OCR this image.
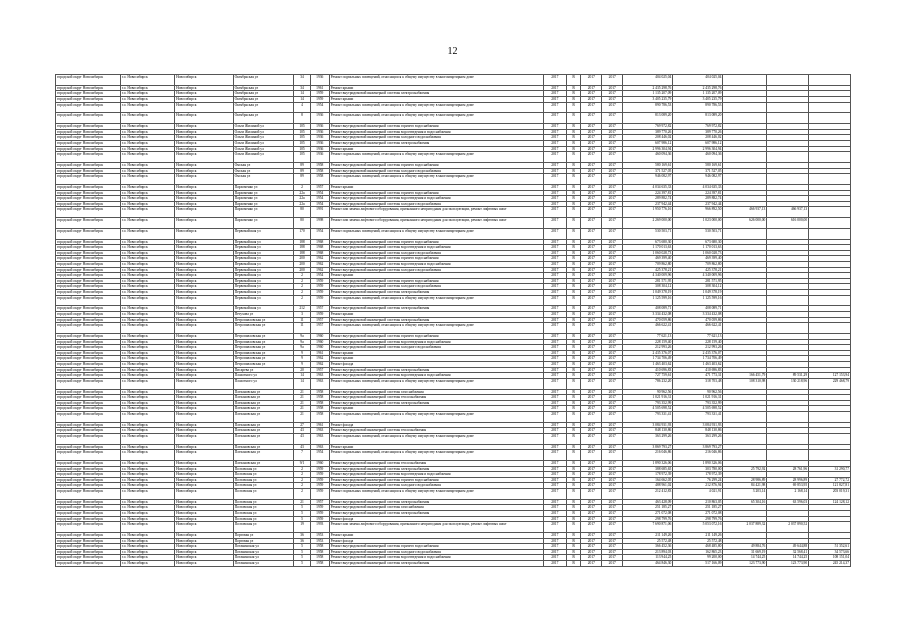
12
городской округ Новосибирск	г.о. Новосибирск	Новосибирск	Октябрьская ул	34	1936	Ремонт подвальных помещений, относящихся к общему имуществу в многоквартирном доме	2017	В	2017	2017	404 025,04	404 025,04			
городской округ Новосибирск	г.о. Новосибирск	Новосибирск	Октябрьская ул	34	1961	Ремонт крыши	2017	В	2017	2017	2 435 298,76	2 435 298,76			
городской округ Новосибирск	г.о. Новосибирск	Новосибирск	Октябрьская ул	14	1959	Ремонт внутридомовой инженерной системы электроснабжения	2017	В	2017	2017	1 135 207,09	1 135 207,09			
городской округ Новосибирск	г.о. Новосибирск	Новосибирск	Октябрьская ул	14	1959	Ремонт крыши	2017	В	2017	2017	3 405 235,79	3 405 235,79			
городской округ Новосибирск	г.о. Новосибирск	Новосибирск	Октябрьская ул	4	1954	Ремонт подвальных помещений, относящихся к общему имуществу в многоквартирном доме	2017	В	2017	2017	890 786,53	890 786,53			
городской округ Новосибирск	г.о. Новосибирск	Новосибирск	Октябрьская ул	8	1936	Ремонт подвальных помещений, относящихся к общему имуществу в многоквартирном доме	2017	В	2017	2017	813 089,20	813 089,20			
городской округ Новосибирск	г.о. Новосибирск	Новосибирск	Ольги Жилиной ул	105	1936	Ремонт внутридомовой инженерной системы горячего водоснабжения	2017	В	2017	2017	769 972,82	769 972,82			
городской округ Новосибирск	г.о. Новосибирск	Новосибирск	Ольги Жилиной ул	105	1936	Ремонт внутридомовой инженерной системы водоотведения и водоснабжения	2017	В	2017	2017	389 770,26	389 770,26			
городской округ Новосибирск	г.о. Новосибирск	Новосибирск	Ольги Жилиной ул	105	1936	Ремонт внутридомовой инженерной системы холодного водоснабжения	2017	В	2017	2017	208 446,02	208 446,02			
городской округ Новосибирск	г.о. Новосибирск	Новосибирск	Ольги Жилиной ул	105	1936	Ремонт внутридомовой инженерной системы электроснабжения	2017	В	2017	2017	607 986,12	607 986,12			
городской округ Новосибирск	г.о. Новосибирск	Новосибирск	Ольги Жилиной ул	105	1936	Ремонт крыши	2017	В	2017	2017	2 996 304,94	2 996 304,94			
городской округ Новосибирск	г.о. Новосибирск	Новосибирск	Ольги Жилиной ул	105	1936	Ремонт подвальных помещений, относящихся к общему имуществу в многоквартирном доме	2017	В	2017	2017	460 094,36	460 094,36			
городской округ Новосибирск	г.о. Новосибирск	Новосибирск	Омская ул	89	1958	Ремонт внутридомовой инженерной системы горячего водоснабжения	2017	В	2017	2017	580 169,61	580 169,61			
городской округ Новосибирск	г.о. Новосибирск	Новосибирск	Омская ул	89	1958	Ремонт внутридомовой инженерной системы холодного водоснабжения	2017	В	2017	2017	371 527,05	371 527,05			
городской округ Новосибирск	г.о. Новосибирск	Новосибирск	Омская ул	89	1958	Ремонт подвальных помещений, относящихся к общему имуществу в многоквартирном доме	2017	В	2017	2017	946 082,97	946 082,97			
городской округ Новосибирск	г.о. Новосибирск	Новосибирск	Пархоменко ул	2	1957	Ремонт крыши	2017	В	2017	2017	4 034 635,33	4 034 635,33			
городской округ Новосибирск	г.о. Новосибирск	Новосибирск	Пархоменко ул	22а	1954	Ремонт внутридомовой инженерной системы горячего водоснабжения	2017	В	2017	2017	224 397,81	224 397,81			
городской округ Новосибирск	г.о. Новосибирск	Новосибирск	Пархоменко ул	22а	1954	Ремонт внутридомовой инженерной системы водоотведения и водоснабжения	2017	В	2017	2017	289 882,74	289 882,74			
городской округ Новосибирск	г.о. Новосибирск	Новосибирск	Пархоменко ул	22а	1954	Ремонт внутридомовой инженерной системы холодного водоснабжения	2017	В	2017	2017	237 942,44	237 942,44			
городской округ Новосибирск	г.о. Новосибирск	Новосибирск	Пархоменко ул	80	1991	Ремонт или замена лифтового оборудования, признанного непригодным для эксплуатации, ремонт лифтовых шахт	2017	В	2017	2017	1 950 776,16	966 892,50	466 937,13	466 937,13	
городской округ Новосибирск	г.о. Новосибирск	Новосибирск	Пархоменко ул	80	1998	Ремонт или замена лифтового оборудования, признанного непригодным для эксплуатации, ремонт лифтовых шахт	2017	В	2017	2017	2 269 000,00	1 023 000,00	626 000,00	616 000,00	
городской округ Новосибирск	г.о. Новосибирск	Новосибирск	Первомайская ул	170	1954	Ремонт подвальных помещений, относящихся к общему имуществу в многоквартирном доме	2017	В	2017	2017	530 503,71	530 503,71			
городской округ Новосибирск	г.о. Новосибирск	Новосибирск	Первомайская ул	188	1968	Ремонт внутридомовой инженерной системы горячего водоснабжения	2017	В	2017	2017	673 680,30	673 680,30			
городской округ Новосибирск	г.о. Новосибирск	Новосибирск	Первомайская ул	188	1968	Ремонт внутридомовой инженерной системы водоотведения и водоснабжения	2017	В	2017	2017	1 170 013,63	1 170 013,63			
городской округ Новосибирск	г.о. Новосибирск	Новосибирск	Первомайская ул	188	1968	Ремонт внутридомовой инженерной системы холодного водоснабжения	2017	В	2017	2017	1 060 028,73	1 060 028,73			
городской округ Новосибирск	г.о. Новосибирск	Новосибирск	Первомайская ул	200	1962	Ремонт внутридомовой инженерной системы горячего водоснабжения	2017	В	2017	2017	469 399,40	469 399,40			
городской округ Новосибирск	г.о. Новосибирск	Новосибирск	Первомайская ул	200	1962	Ремонт внутридомовой инженерной системы водоотведения и водоснабжения	2017	В	2017	2017	709 862,80	709 862,80			
городской округ Новосибирск	г.о. Новосибирск	Новосибирск	Первомайская ул	200	1962	Ремонт внутридомовой инженерной системы холодного водоснабжения	2017	В	2017	2017	425 378,21	425 378,21			
городской округ Новосибирск	г.о. Новосибирск	Новосибирск	Первомайская ул	2	1954	Ремонт крыши	2017	В	2017	2017	4 340 009,96	4 340 009,96			
городской округ Новосибирск	г.о. Новосибирск	Новосибирск	Первомайская ул	2	1959	Ремонт внутридомовой инженерной системы горячего водоснабжения	2017	В	2017	2017	281 571,95	281 571,95			
городской округ Новосибирск	г.о. Новосибирск	Новосибирск	Первомайская ул	2	1959	Ремонт внутридомовой инженерной системы холодного водоснабжения	2017	В	2017	2017	308 304,12	308 304,12			
городской округ Новосибирск	г.о. Новосибирск	Новосибирск	Первомайская ул	2	1959	Ремонт внутридомовой инженерной системы электроснабжения	2017	В	2017	2017	1 049 378,19	1 049 378,19			
городской округ Новосибирск	г.о. Новосибирск	Новосибирск	Первомайская ул	2	1959	Ремонт подвальных помещений, относящихся к общему имуществу в многоквартирном доме	2017	В	2017	2017	1 125 599,16	1 125 599,16			
городской округ Новосибирск	г.о. Новосибирск	Новосибирск	Первомайская ул	212	1957	Ремонт внутридомовой инженерной системы электроснабжения	2017	В	2017	2017	408 089,71	408 089,71			
городской округ Новосибирск	г.о. Новосибирск	Новосибирск	Петухова ул	3	1959	Ремонт крыши	2017	В	2017	2017	3 334 432,08	3 334 432,08			
городской округ Новосибирск	г.о. Новосибирск	Новосибирск	Петропавловская ул	11	1957	Ремонт внутридомовой инженерной системы электроснабжения	2017	В	2017	2017	470 059,86	470 059,86			
городской округ Новосибирск	г.о. Новосибирск	Новосибирск	Петропавловская ул	11	1957	Ремонт подвальных помещений, относящихся к общему имуществу в многоквартирном доме	2017	В	2017	2017	466 622,41	466 622,41			
городской округ Новосибирск	г.о. Новосибирск	Новосибирск	Петропавловская ул	9а	1960	Ремонт внутридомовой инженерной системы горячего водоснабжения	2017	В	2017	2017	77 621,13	77 621,13			
городской округ Новосибирск	г.о. Новосибирск	Новосибирск	Петропавловская ул	9а	1960	Ремонт внутридомовой инженерной системы водоотведения и водоснабжения	2017	В	2017	2017	228 159,40	228 159,40			
городской округ Новосибирск	г.о. Новосибирск	Новосибирск	Петропавловская ул	9а	1960	Ремонт внутридомовой инженерной системы холодного водоснабжения	2017	В	2017	2017	212 993,26	212 993,26			
городской округ Новосибирск	г.о. Новосибирск	Новосибирск	Петропавловская ул	9	1961	Ремонт крыши	2017	В	2017	2017	2 435 376,07	2 435 376,07			
городской округ Новосибирск	г.о. Новосибирск	Новосибирск	Петропавловская ул	9	1962	Ремонт крыши	2017	В	2017	2017	1 734 706,49	1 734 706,49			
городской округ Новосибирск	г.о. Новосибирск	Новосибирск	Петропавловская ул	9	1962	Ремонт фасада	2017	В	2017	2017	1 463 403,62	1 463 403,62			
городской округ Новосибирск	г.о. Новосибирск	Новосибирск	Писарева ул	20	1957	Ремонт внутридомовой инженерной системы электроснабжения	2017	В	2017	2017	410 696,83	410 696,83			
городской округ Новосибирск	г.о. Новосибирск	Новосибирск	Плахотного ул	14	1963	Ремонт внутридомовой инженерной системы водоотведения и водоснабжения	2017	В	2017	2017	727 759,61	471 773,31	166 451,79	89 531,29	127 153,94
городской округ Новосибирск	г.о. Новосибирск	Новосибирск	Плахотного ул	14	1963	Ремонт подвальных помещений, относящихся к общему имуществу в многоквартирном доме	2017	В	2017	2017	786 232,20	318 703,48	108 310,98	130 218,96	229 468,79
городской округ Новосибирск	г.о. Новосибирск	Новосибирск	Плехановская ул	21	1958	Ремонт внутридомовой инженерной системы газоснабжения	2017	В	2017	2017	90 962,56	90 962,56			
городской округ Новосибирск	г.о. Новосибирск	Новосибирск	Плехановская ул	21	1958	Ремонт внутридомовой инженерной системы теплоснабжения	2017	В	2017	2017	1 021 916,31	1 021 916,31			
городской округ Новосибирск	г.о. Новосибирск	Новосибирск	Плехановская ул	21	1958	Ремонт внутридомовой инженерной системы электроснабжения	2017	В	2017	2017	793 352,99	793 352,99			
городской округ Новосибирск	г.о. Новосибирск	Новосибирск	Плехановская ул	21	1958	Ремонт крыши	2017	В	2017	2017	4 505 698,52	4 505 698,52			
городской округ Новосибирск	г.о. Новосибирск	Новосибирск	Плехановская ул	21	1958	Ремонт подвальных помещений, относящихся к общему имуществу в многоквартирном доме	2017	В	2017	2017	793 331,41	793 331,41			
городской округ Новосибирск	г.о. Новосибирск	Новосибирск	Плехановская ул	27	1961	Ремонт фасада	2017	В	2017	2017	3 084 931,93	3 084 931,93			
городской округ Новосибирск	г.о. Новосибирск	Новосибирск	Плехановская ул	43	1963	Ремонт внутридомовой инженерной системы теплоснабжения	2017	В	2017	2017	848 130,86	848 130,86			
городской округ Новосибирск	г.о. Новосибирск	Новосибирск	Плехановская ул	43	1963	Ремонт подвальных помещений, относящихся к общему имуществу в многоквартирном доме	2017	В	2017	2017	363 299,26	363 299,26			
городской округ Новосибирск	г.о. Новосибирск	Новосибирск	Плехановская ул	43	1963	Ремонт крыши	2017	В	2017	2017	3 869 793,27	3 869 793,27			
городской округ Новосибирск	г.о. Новосибирск	Новосибирск	Плехановская ул	7	1954	Ремонт подвальных помещений, относящихся к общему имуществу в многоквартирном доме	2017	В	2017	2017	216 046,86	216 046,86			
городской округ Новосибирск	г.о. Новосибирск	Новосибирск	Плехановская ул	9/1	1960	Ремонт внутридомовой инженерной системы теплоснабжения	2017	В	2017	2017	1 890 326,06	1 890 326,06			
городской округ Новосибирск	г.о. Новосибирск	Новосибирск	Полтавская ул	2	1959	Ремонт внутридомовой инженерной системы электроснабжения	2017	В	2017	2017	388 685,65	303 780,00	25 792,92	28 761,96	31 290,77
городской округ Новосибирск	г.о. Новосибирск	Новосибирск	Полтавская ул	2	1959	Ремонт внутридомовой инженерной системы водоотведения и водоснабжения	2017	В	2017	2017	178 972,39	178 972,39			
городской округ Новосибирск	г.о. Новосибирск	Новосибирск	Полтавская ул	2	1959	Ремонт внутридомовой инженерной системы горячего водоснабжения	2017	В	2017	2017	164 662,05	76 299,24	28 986,89	28 996,89	27 772,72
городской округ Новосибирск	г.о. Новосибирск	Новосибирск	Полтавская ул	2	1959	Ремонт внутридомовой инженерной системы холодного водоснабжения	2017	В	2017	2017	488 961,02	212 876,94	84 421,98	69 853,95	121 827,81
городской округ Новосибирск	г.о. Новосибирск	Новосибирск	Полтавская ул	2	1959	Ремонт подвальных помещений, относящихся к общему имуществу в многоквартирном доме	2017	В	2017	2017	212 412,83	4 021,91	3 203,14	2 168,14	203 019,31
городской округ Новосибирск	г.о. Новосибирск	Новосибирск	Полтавская ул	21	1957	Ремонт внутридомовой инженерной системы электроснабжения	2017	В	2017	2017	463 428,09	210 863,05	65 304,16	63 596,03	124 128,12
городской округ Новосибирск	г.о. Новосибирск	Новосибирск	Полтавская ул	5	1959	Ремонт внутридомовой инженерной системы газоснабжения	2017	В	2017	2017	251 185,27	251 185,27			
городской округ Новосибирск	г.о. Новосибирск	Новосибирск	Полтавская ул	5	1959	Ремонт внутридомовой инженерной системы электроснабжения	2017	В	2017	2017	271 072,08	271 072,08			
городской округ Новосибирск	г.о. Новосибирск	Новосибирск	Полтавская ул	5	1959	Ремонт фасада	2017	В	2017	2017	298 799,76	298 799,76			
городской округ Новосибирск	г.о. Новосибирск	Новосибирск	Полтавская ул	19	1993	Ремонт или замена лифтового оборудования, признанного непригодным для эксплуатации, ремонт лифтовых шахт	2017	В	2017	2017	7 690 871,06	5 053 072,16	2 037 889,32	2 037 890,52	
городской округ Новосибирск	г.о. Новосибирск	Новосибирск	Портовая ул	36	1953	Ремонт крыши	2017	В	2017	2017	211 149,26	211 149,26			
городской округ Новосибирск	г.о. Новосибирск	Новосибирск	Портовая ул	36	1953	Ремонт фасада	2017	В	2017	2017	25 572,48	25 572,48			
городской округ Новосибирск	г.о. Новосибирск	Новосибирск	Потанинская ул	5	1958	Ремонт внутридомовой инженерной системы горячего водоснабжения	2017	В	2017	2017	366 452,36	468 485,80	49 884,76	49 644,88	51 352,61
городской округ Новосибирск	г.о. Новосибирск	Новосибирск	Потанинская ул	5	1958	Ремонт внутридомовой инженерной системы холодного водоснабжения	2017	В	2017	2017	213 894,03	162 865,23	31 669,19	32 568,41	34 573,66
городской округ Новосибирск	г.о. Новосибирск	Новосибирск	Потанинская ул	5	1958	Ремонт внутридомовой инженерной системы водоотведения и водоснабжения	2017	В	2017	2017	113 944,25	99 200,00	14 744,25	14 744,25	108 151,04
городской округ Новосибирск	г.о. Новосибирск	Новосибирск	Потанинская ул	5	1958	Ремонт внутридомовой инженерной системы электроснабжения	2017	В	2017	2017	464 846,30	517 166,09	123 773,90	123 773,90	245 214,37
